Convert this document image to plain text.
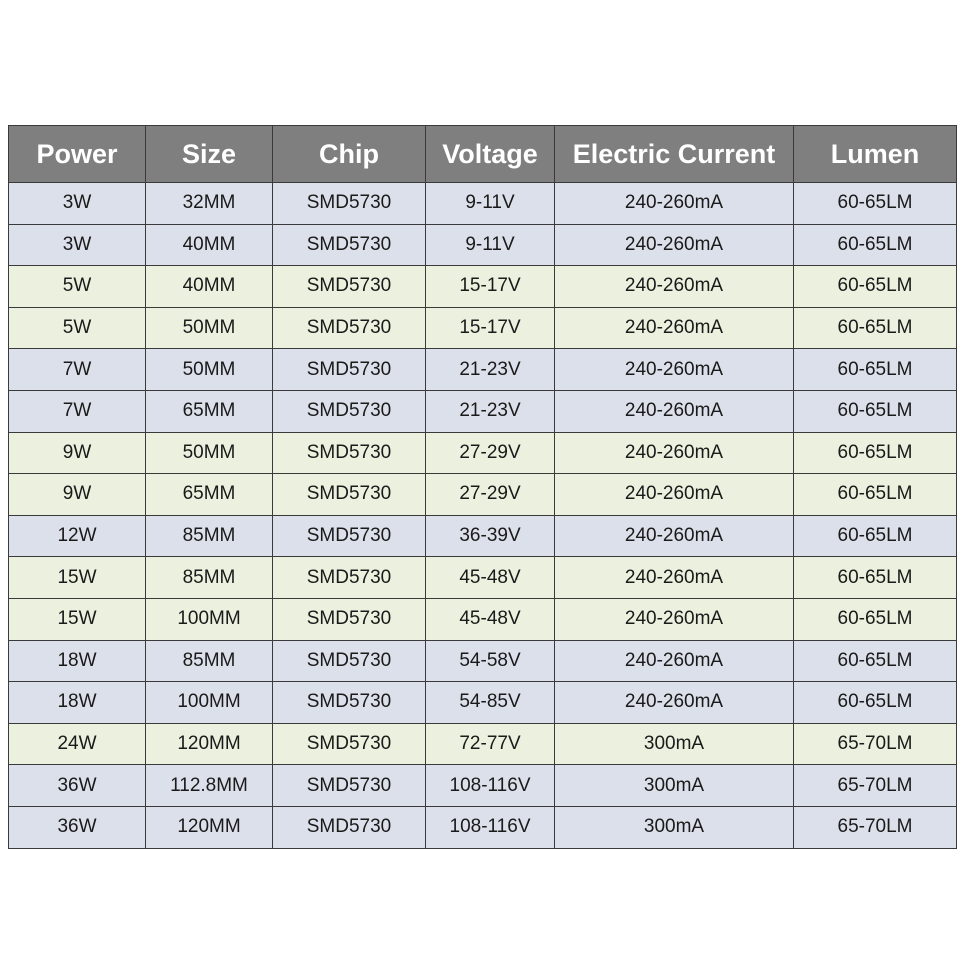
Power	Size	Chip	Voltage	Electric Current	Lumen
3W	32MM	SMD5730	9-11V	240-260mA	60-65LM
3W	40MM	SMD5730	9-11V	240-260mA	60-65LM
5W	40MM	SMD5730	15-17V	240-260mA	60-65LM
5W	50MM	SMD5730	15-17V	240-260mA	60-65LM
7W	50MM	SMD5730	21-23V	240-260mA	60-65LM
7W	65MM	SMD5730	21-23V	240-260mA	60-65LM
9W	50MM	SMD5730	27-29V	240-260mA	60-65LM
9W	65MM	SMD5730	27-29V	240-260mA	60-65LM
12W	85MM	SMD5730	36-39V	240-260mA	60-65LM
15W	85MM	SMD5730	45-48V	240-260mA	60-65LM
15W	100MM	SMD5730	45-48V	240-260mA	60-65LM
18W	85MM	SMD5730	54-58V	240-260mA	60-65LM
18W	100MM	SMD5730	54-85V	240-260mA	60-65LM
24W	120MM	SMD5730	72-77V	300mA	65-70LM
36W	112.8MM	SMD5730	108-116V	300mA	65-70LM
36W	120MM	SMD5730	108-116V	300mA	65-70LM
